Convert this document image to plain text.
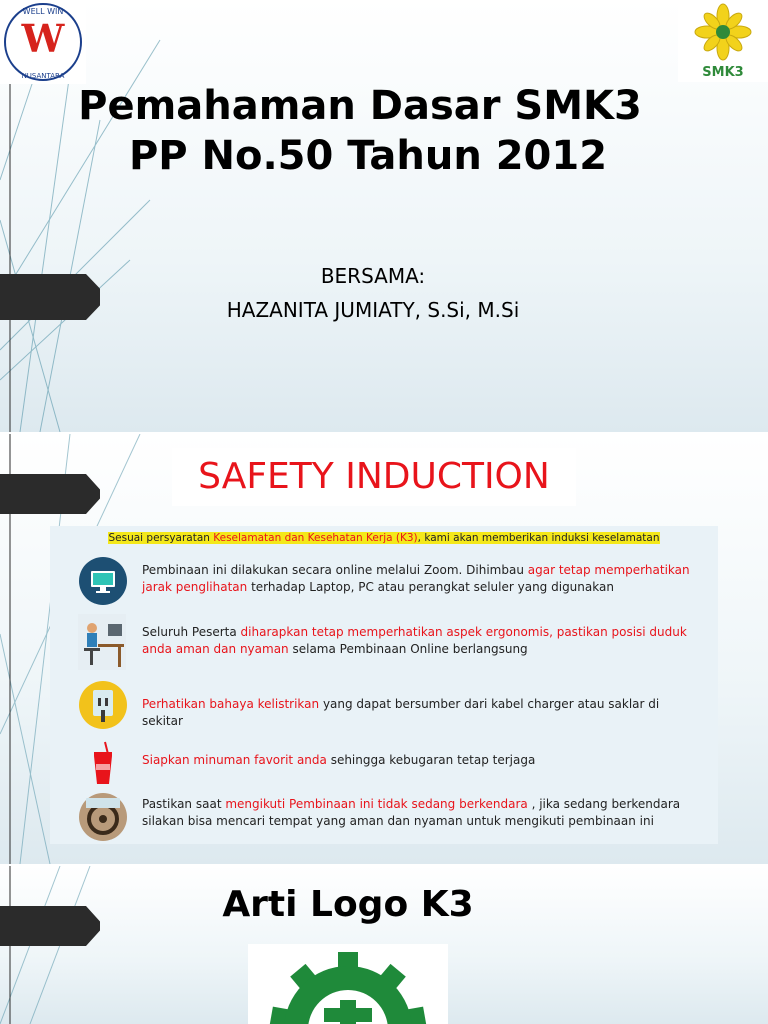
W
WELL WIN
NUSANTARA	SMK3
Pemahaman Dasar SMK3
PP No.50 Tahun 2012
BERSAMA:
HAZANITA JUMIATY, S.Si, M.Si
SAFETY INDUCTION
Sesuai persyaratan Keselamatan dan Kesehatan Kerja (K3), kami akan memberikan induksi keselamatan
Pembinaan ini dilakukan secara online melalui Zoom. Dihimbau agar tetap memperhatikan jarak penglihatan terhadap Laptop, PC atau perangkat seluler yang digunakan
Seluruh Peserta diharapkan tetap memperhatikan aspek ergonomis, pastikan posisi duduk anda aman dan nyaman selama Pembinaan Online berlangsung
Perhatikan bahaya kelistrikan yang dapat bersumber dari kabel charger atau saklar di sekitar
Siapkan minuman favorit anda sehingga kebugaran tetap terjaga
Pastikan saat mengikuti Pembinaan ini tidak sedang berkendara , jika sedang berkendara silakan bisa mencari tempat yang aman dan nyaman untuk mengikuti pembinaan ini
Arti Logo K3
